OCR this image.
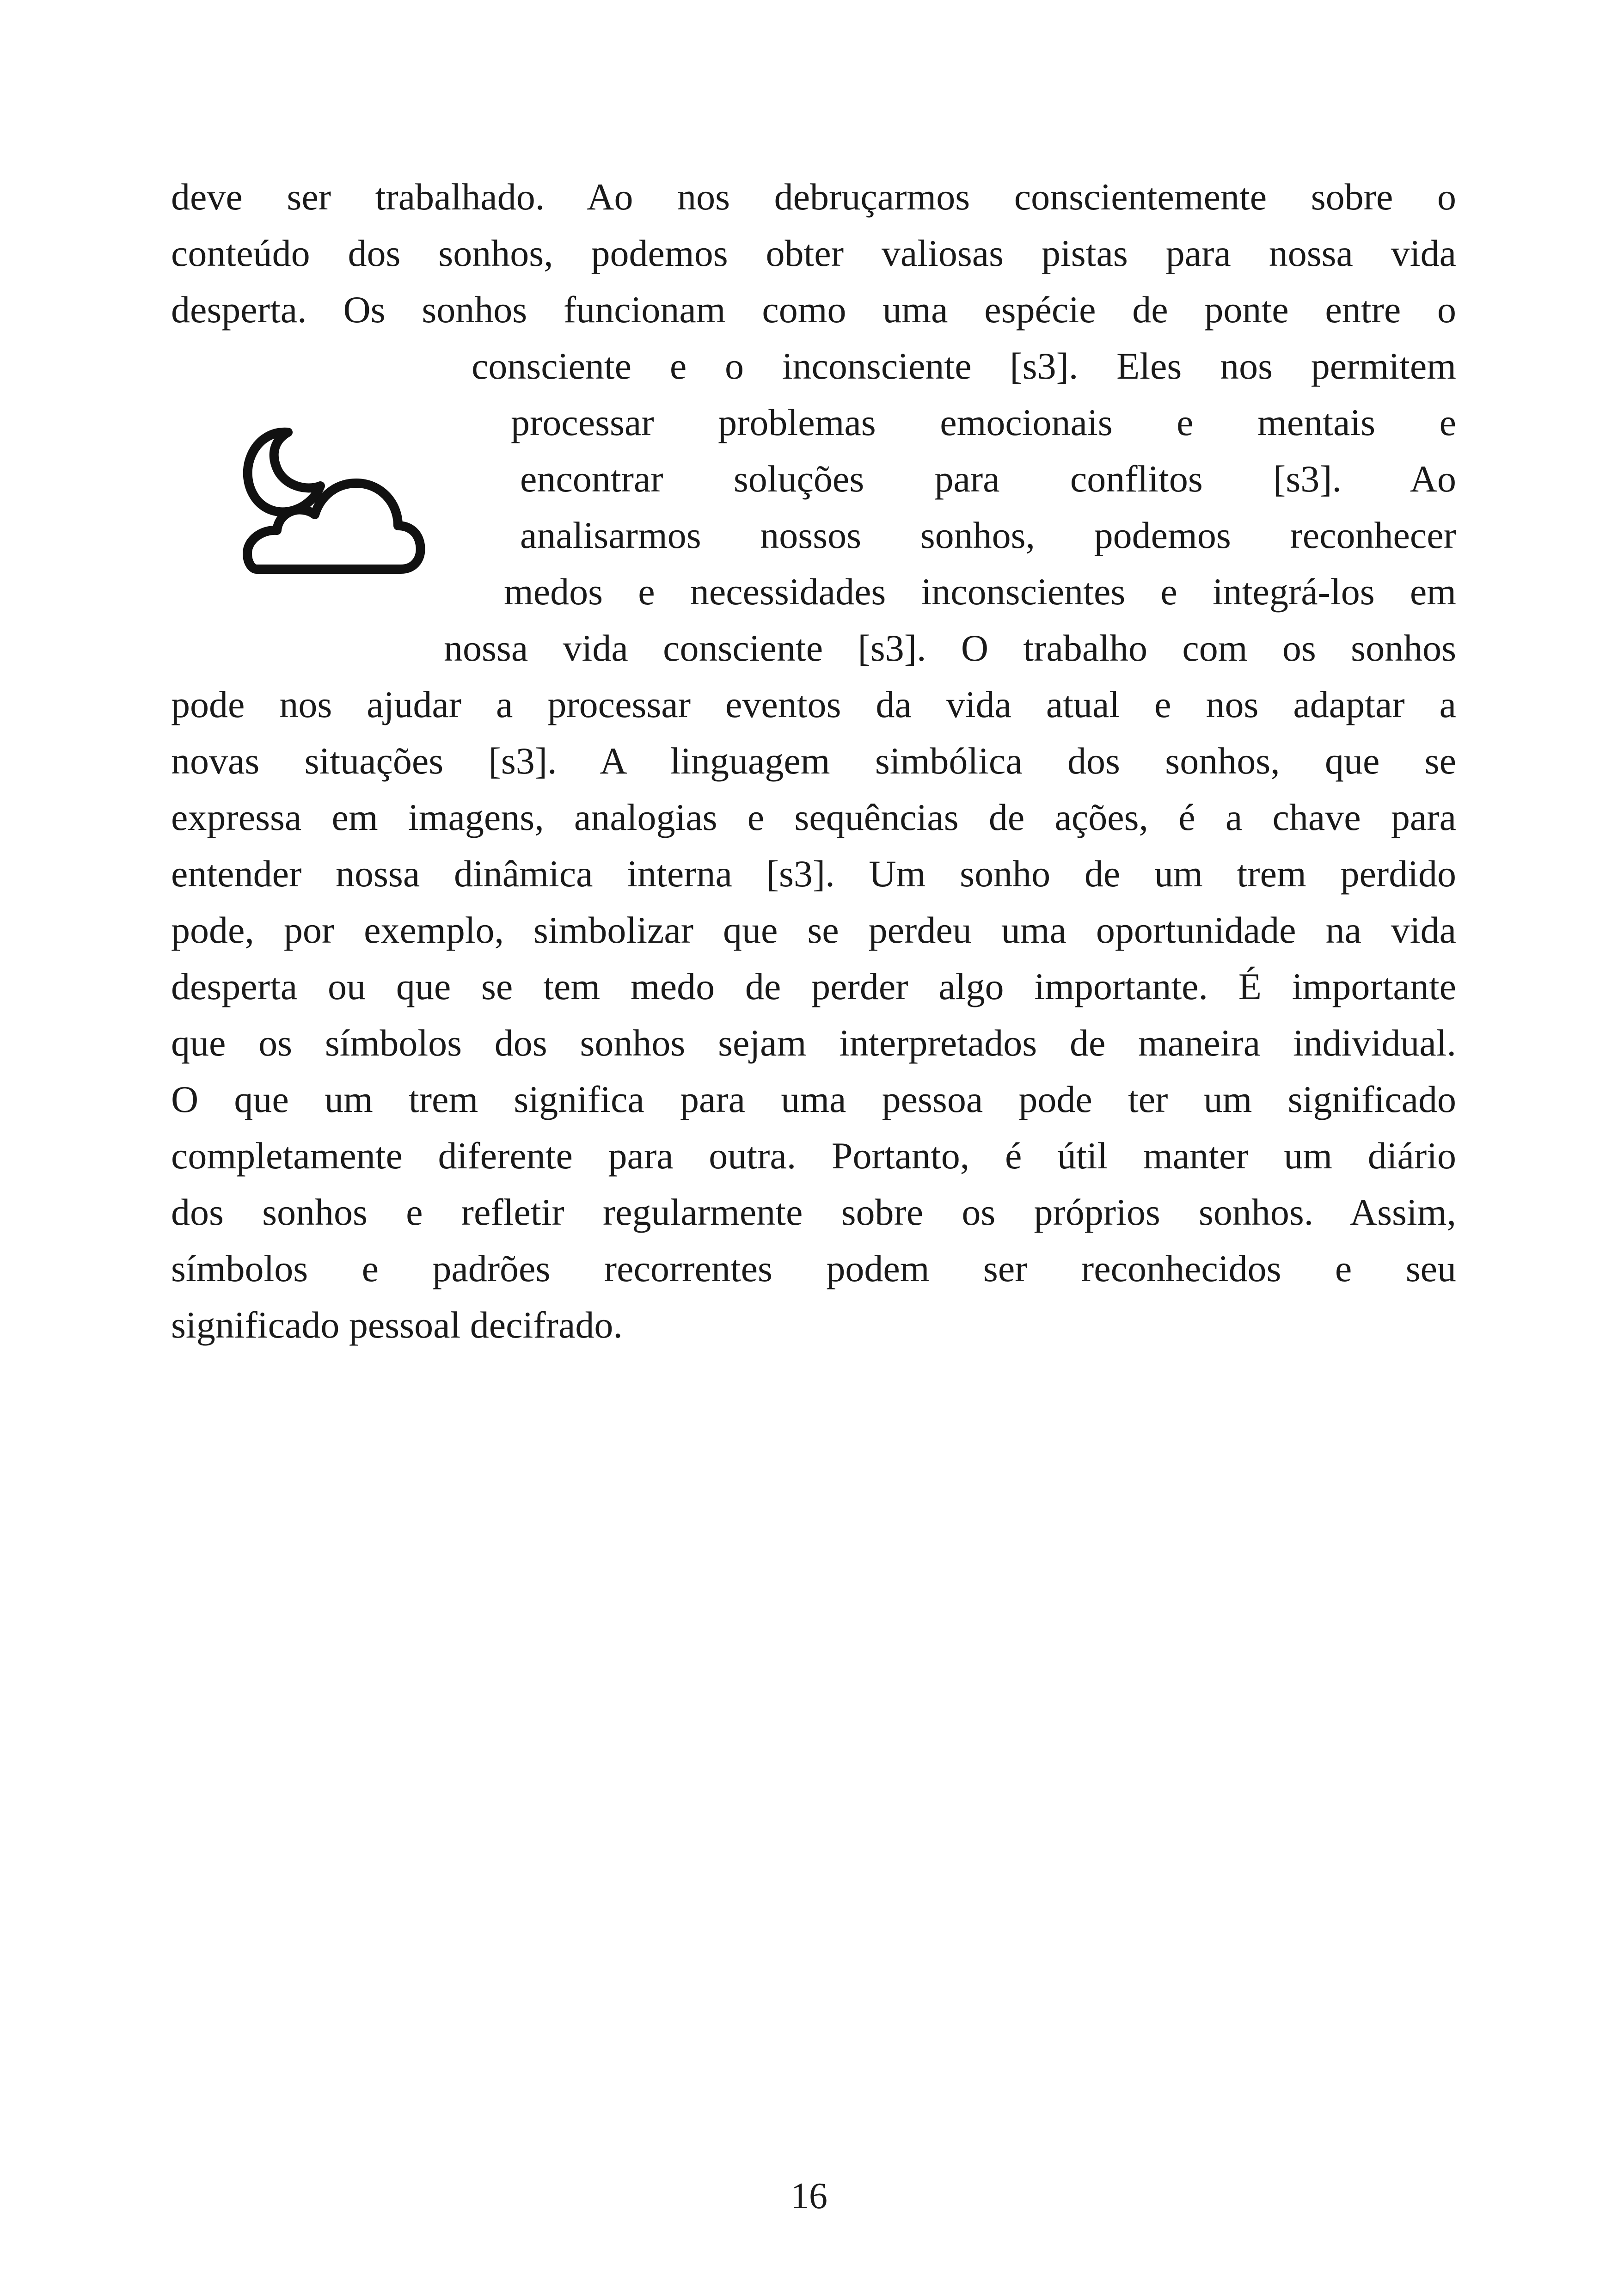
deve ser trabalhado. Ao nos debruçarmos conscientemente sobre o
conteúdo dos sonhos, podemos obter valiosas pistas para nossa vida
desperta. Os sonhos funcionam como uma espécie de ponte entre o
consciente e o inconsciente [s3]. Eles nos permitem
processar problemas emocionais e mentais e
encontrar soluções para conflitos [s3]. Ao
analisarmos nossos sonhos, podemos reconhecer
medos e necessidades inconscientes e integrá-los em
nossa vida consciente [s3]. O trabalho com os sonhos
pode nos ajudar a processar eventos da vida atual e nos adaptar a
novas situações [s3]. A linguagem simbólica dos sonhos, que se
expressa em imagens, analogias e sequências de ações, é a chave para
entender nossa dinâmica interna [s3]. Um sonho de um trem perdido
pode, por exemplo, simbolizar que se perdeu uma oportunidade na vida
desperta ou que se tem medo de perder algo importante. É importante
que os símbolos dos sonhos sejam interpretados de maneira individual.
O que um trem significa para uma pessoa pode ter um significado
completamente diferente para outra. Portanto, é útil manter um diário
dos sonhos e refletir regularmente sobre os próprios sonhos. Assim,
símbolos e padrões recorrentes podem ser reconhecidos e seu
significado pessoal decifrado.
16
